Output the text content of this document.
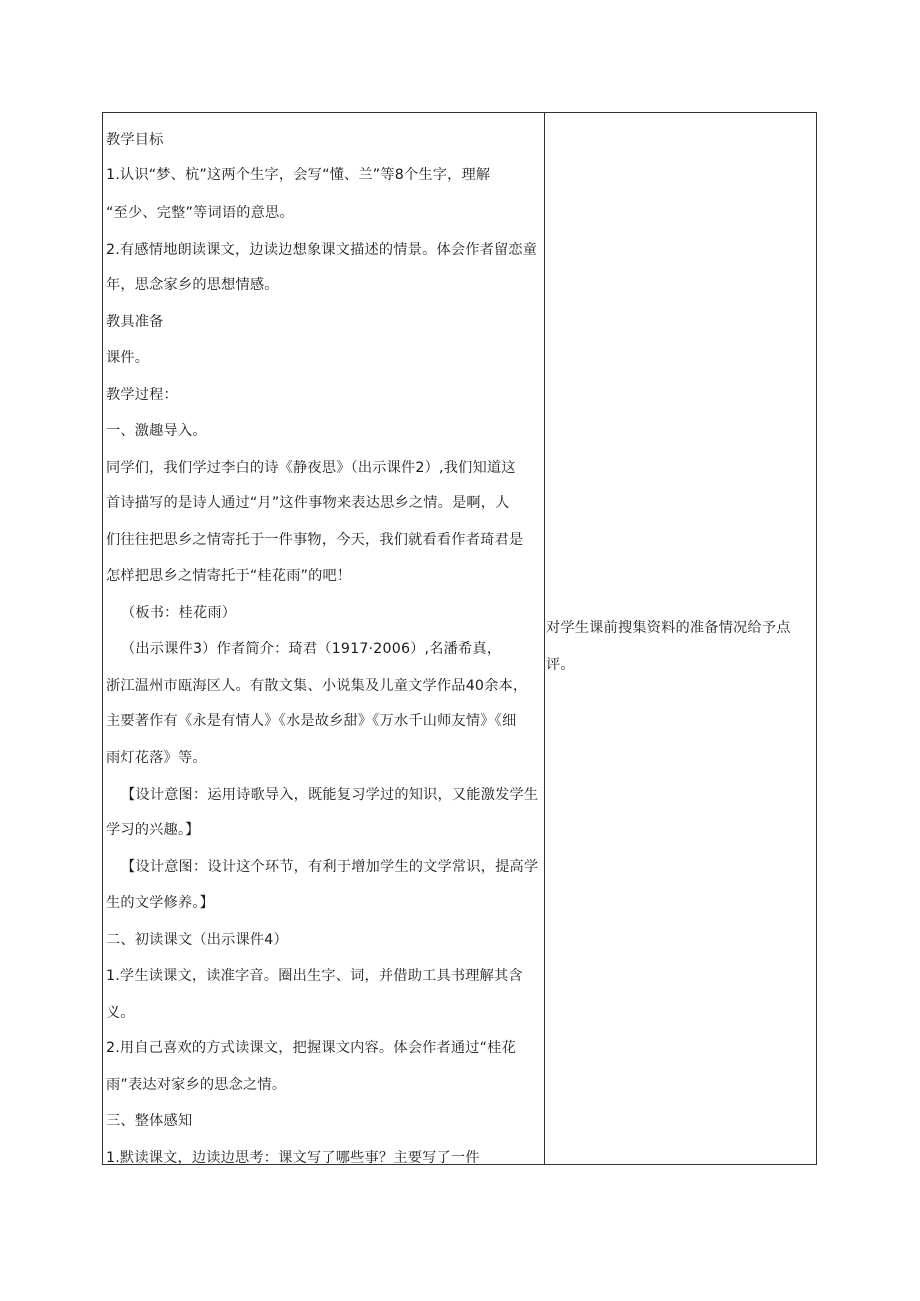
教学目标
1.认识“梦、杭”这两个生字，会写“懂、兰”等8个生字，理解
“至少、完整”等词语的意思。
2.有感情地朗读课文，边读边想象课文描述的情景。体会作者留恋童
年，思念家乡的思想情感。
教具准备
课件。
教学过程：
一、激趣导入。
同学们，我们学过李白的诗《静夜思》（出示课件2）,我们知道这
首诗描写的是诗人通过“月”这件事物来表达思乡之情。是啊，人
们往往把思乡之情寄托于一件事物，今天，我们就看看作者琦君是
怎样把思乡之情寄托于“桂花雨”的吧！
（板书：桂花雨）
（出示课件3）作者简介：琦君（1917·2006）,名潘希真，
浙江温州市瓯海区人。有散文集、小说集及儿童文学作品40余本，
主要著作有《永是有情人》《水是故乡甜》《万水千山师友情》《细
雨灯花落》等。
【设计意图：运用诗歌导入，既能复习学过的知识，又能激发学生
学习的兴趣。】
【设计意图：设计这个环节，有利于增加学生的文学常识，提高学
生的文学修养。】
二、初读课文（出示课件4）
1.学生读课文，读准字音。圈出生字、词，并借助工具书理解其含
义。
2.用自己喜欢的方式读课文，把握课文内容。体会作者通过“桂花
雨”表达对家乡的思念之情。
三、整体感知
1.默读课文，边读边思考：课文写了哪些事？主要写了一件
对学生课前搜集资料的准备情况给予点
评。
